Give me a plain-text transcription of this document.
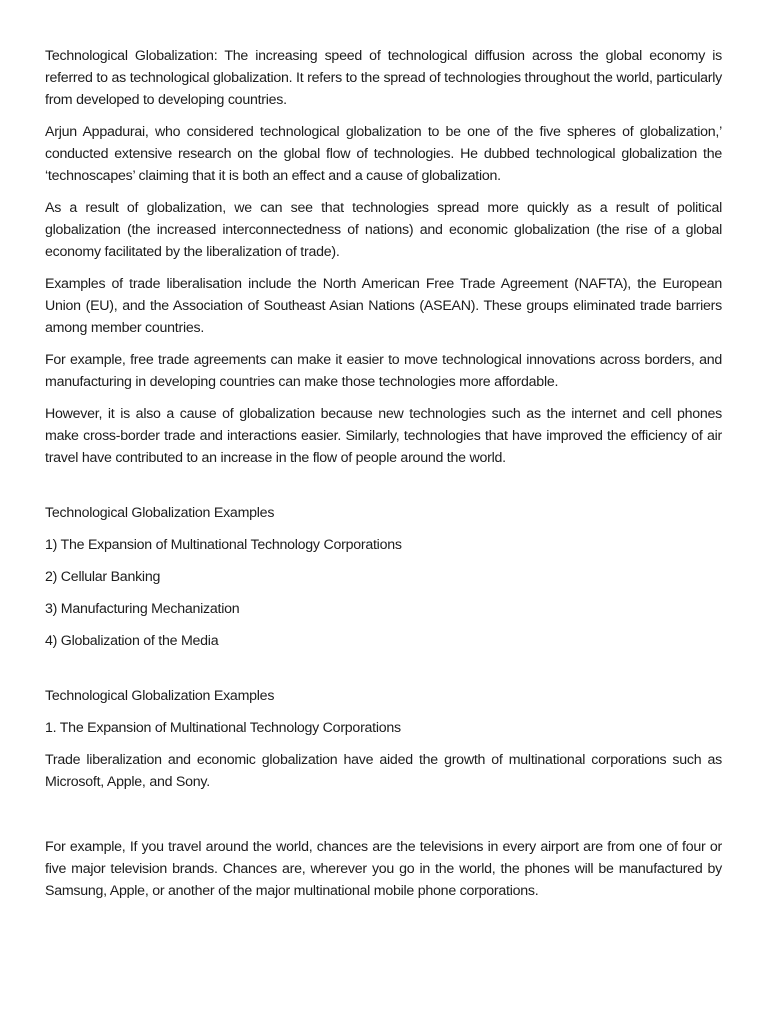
Technological Globalization: The increasing speed of technological diffusion across the global economy is referred to as technological globalization. It refers to the spread of technologies throughout the world, particularly from developed to developing countries.

Arjun Appadurai, who considered technological globalization to be one of the five spheres of globalization,’ conducted extensive research on the global flow of technologies. He dubbed technological globalization the ‘technoscapes’ claiming that it is both an effect and a cause of globalization.

As a result of globalization, we can see that technologies spread more quickly as a result of political globalization (the increased interconnectedness of nations) and economic globalization (the rise of a global economy facilitated by the liberalization of trade).

Examples of trade liberalisation include the North American Free Trade Agreement (NAFTA), the European Union (EU), and the Association of Southeast Asian Nations (ASEAN). These groups eliminated trade barriers among member countries.

For example, free trade agreements can make it easier to move technological innovations across borders, and manufacturing in developing countries can make those technologies more affordable.

However, it is also a cause of globalization because new technologies such as the internet and cell phones make cross-border trade and interactions easier. Similarly, technologies that have improved the efficiency of air travel have contributed to an increase in the flow of people around the world.

Technological Globalization Examples

1) The Expansion of Multinational Technology Corporations

2) Cellular Banking

3) Manufacturing Mechanization

4) Globalization of the Media

Technological Globalization Examples

1. The Expansion of Multinational Technology Corporations

Trade liberalization and economic globalization have aided the growth of multinational corporations such as Microsoft, Apple, and Sony.

For example, If you travel around the world, chances are the televisions in every airport are from one of four or five major television brands. Chances are, wherever you go in the world, the phones will be manufactured by Samsung, Apple, or another of the major multinational mobile phone corporations.
